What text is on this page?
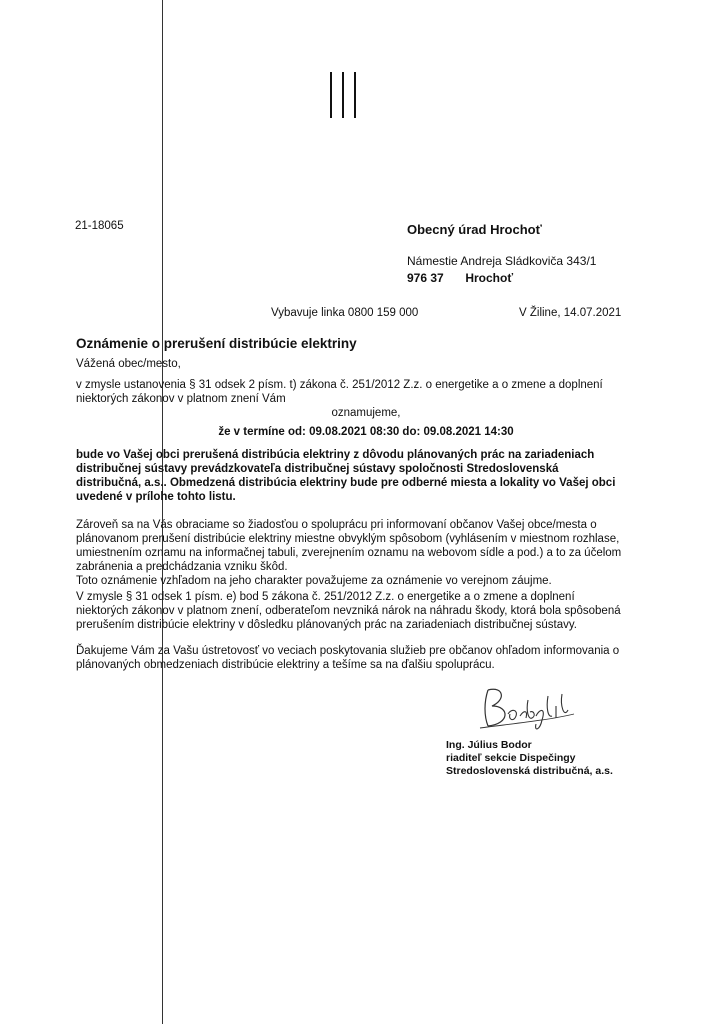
21-18065	Obecný úrad Hrochoť
Námestie Andreja Sládkoviča 343/1
976 37 Hrochoť
Vybavuje linka 0800 159 000	V Žiline, 14.07.2021
Oznámenie o prerušení distribúcie elektriny
Vážená obec/mesto,
v zmysle ustanovenia § 31 odsek 2 písm. t) zákona č. 251/2012 Z.z. o energetike a o zmene a doplnení
niektorých zákonov v platnom znení Vám
oznamujeme,
že v termíne od: 09.08.2021 08:30 do: 09.08.2021 14:30
bude vo Vašej obci prerušená distribúcia elektriny z dôvodu plánovaných prác na zariadeniach
distribučnej sústavy prevádzkovateľa distribučnej sústavy spoločnosti Stredoslovenská
distribučná, a.s.. Obmedzená distribúcia elektriny bude pre odberné miesta a lokality vo Vašej obci
uvedené v prílohe tohto listu.
Zároveň sa na Vás obraciame so žiadosťou o spoluprácu pri informovaní občanov Vašej obce/mesta o
plánovanom prerušení distribúcie elektriny miestne obvyklým spôsobom (vyhlásením v miestnom rozhlase,
umiestnením oznamu na informačnej tabuli, zverejnením oznamu na webovom sídle a pod.) a to za účelom
zabránenia a predchádzania vzniku škôd.
Toto oznámenie vzhľadom na jeho charakter považujeme za oznámenie vo verejnom záujme.
V zmysle § 31 odsek 1 písm. e) bod 5 zákona č. 251/2012 Z.z. o energetike a o zmene a doplnení
niektorých zákonov v platnom znení, odberateľom nevzniká nárok na náhradu škody, ktorá bola spôsobená
prerušením distribúcie elektriny v dôsledku plánovaných prác na zariadeniach distribučnej sústavy.
Ďakujeme Vám za Vašu ústretovosť vo veciach poskytovania služieb pre občanov ohľadom informovania o
plánovaných obmedzeniach distribúcie elektriny a tešíme sa na ďalšiu spoluprácu.
Ing. Július Bodor
riaditeľ sekcie Dispečingy
Stredoslovenská distribučná, a.s.
